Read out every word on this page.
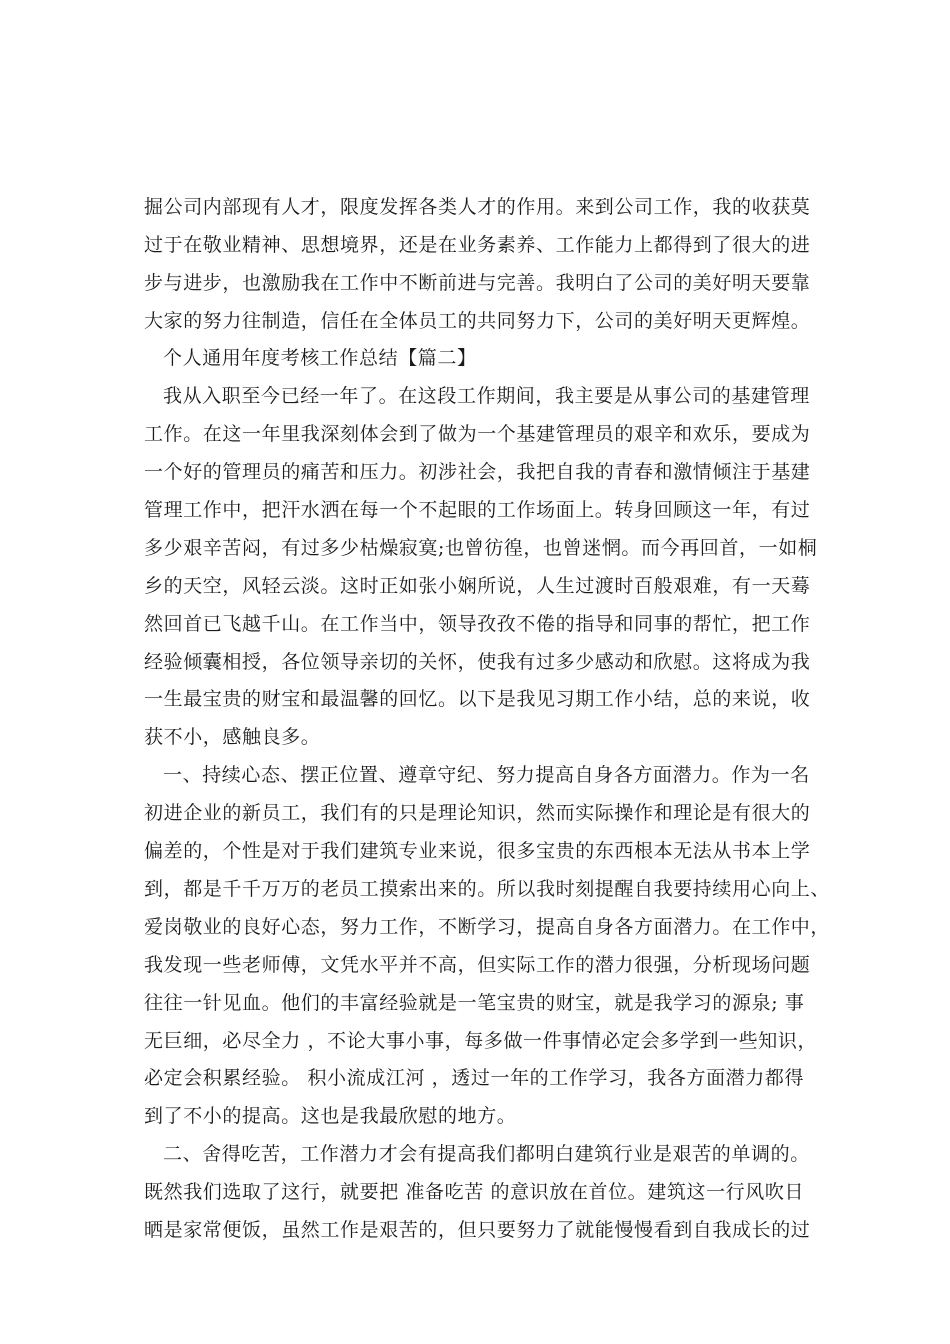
掘公司内部现有人才，限度发挥各类人才的作用。来到公司工作，我的收获莫
过于在敬业精神、思想境界，还是在业务素养、工作能力上都得到了很大的进
步与进步，也激励我在工作中不断前进与完善。我明白了公司的美好明天要靠
大家的努力往制造，信任在全体员工的共同努力下，公司的美好明天更辉煌。
个人通用年度考核工作总结【篇二】
我从入职至今已经一年了。在这段工作期间，我主要是从事公司的基建管理
工作。在这一年里我深刻体会到了做为一个基建管理员的艰辛和欢乐，要成为
一个好的管理员的痛苦和压力。初涉社会，我把自我的青春和激情倾注于基建
管理工作中，把汗水洒在每一个不起眼的工作场面上。转身回顾这一年，有过
多少艰辛苦闷，有过多少枯燥寂寞;也曾彷徨，也曾迷惘。而今再回首，一如桐
乡的天空，风轻云淡。这时正如张小娴所说，人生过渡时百般艰难，有一天蓦
然回首已飞越千山。在工作当中，领导孜孜不倦的指导和同事的帮忙，把工作
经验倾囊相授，各位领导亲切的关怀，使我有过多少感动和欣慰。这将成为我
一生最宝贵的财宝和最温馨的回忆。以下是我见习期工作小结，总的来说，收
获不小，感触良多。
一、持续心态、摆正位置、遵章守纪、努力提高自身各方面潜力。作为一名
初进企业的新员工，我们有的只是理论知识，然而实际操作和理论是有很大的
偏差的，个性是对于我们建筑专业来说，很多宝贵的东西根本无法从书本上学
到，都是千千万万的老员工摸索出来的。所以我时刻提醒自我要持续用心向上、
爱岗敬业的良好心态，努力工作，不断学习，提高自身各方面潜力。在工作中，
我发现一些老师傅，文凭水平并不高，但实际工作的潜力很强，分析现场问题
往往一针见血。他们的丰富经验就是一笔宝贵的财宝，就是我学习的源泉; 事
无巨细，必尽全力 ，不论大事小事，每多做一件事情必定会多学到一些知识，
必定会积累经验。 积小流成江河 ，透过一年的工作学习，我各方面潜力都得
到了不小的提高。这也是我最欣慰的地方。
二、舍得吃苦，工作潜力才会有提高我们都明白建筑行业是艰苦的单调的。
既然我们选取了这行，就要把 准备吃苦 的意识放在首位。建筑这一行风吹日
晒是家常便饭，虽然工作是艰苦的，但只要努力了就能慢慢看到自我成长的过
